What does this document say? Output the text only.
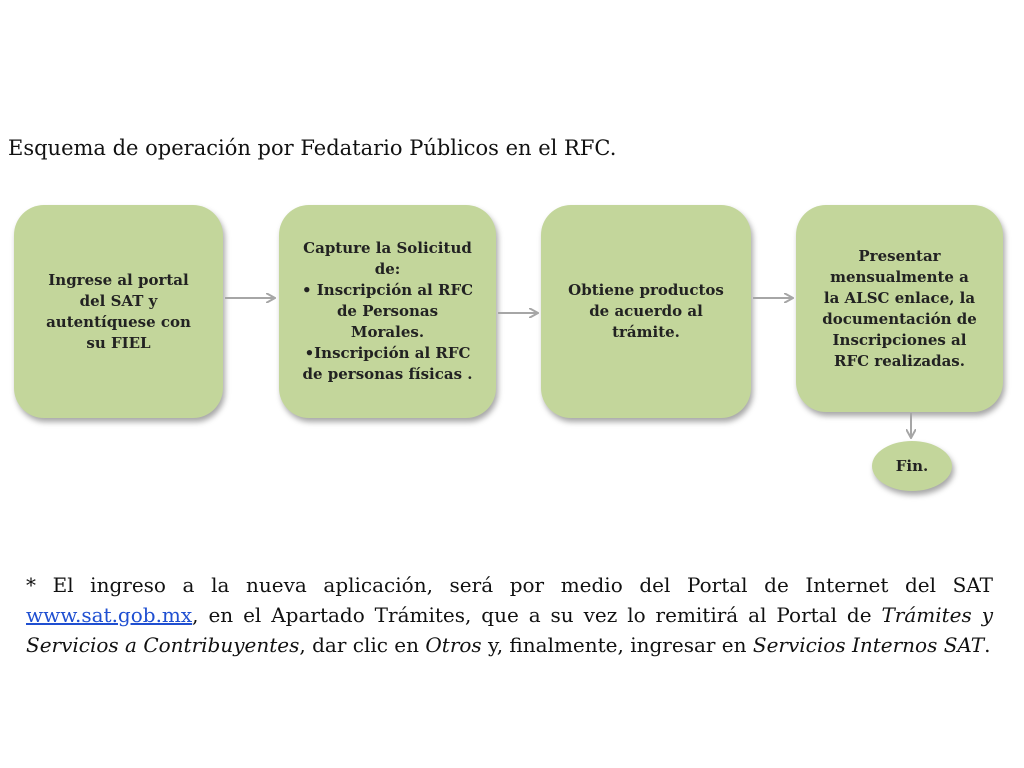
Esquema de operación por Fedatario Públicos en el RFC.
Ingrese al portal
del SAT y
autentíquese con
su FIEL
Capture la Solicitud
de:
• Inscripción al RFC
de Personas
Morales.
•Inscripción al RFC
de personas físicas .
Obtiene productos
de acuerdo al
trámite.
Presentar
mensualmente a
la ALSC enlace, la
documentación de
Inscripciones al
RFC realizadas.
Fin.
* El ingreso a la nueva aplicación, será por medio del Portal de Internet del SAT www.sat.gob.mx, en el Apartado Trámites, que a su vez lo remitirá al Portal de Trámites y Servicios a Contribuyentes, dar clic en Otros y, finalmente, ingresar en Servicios Internos SAT.
